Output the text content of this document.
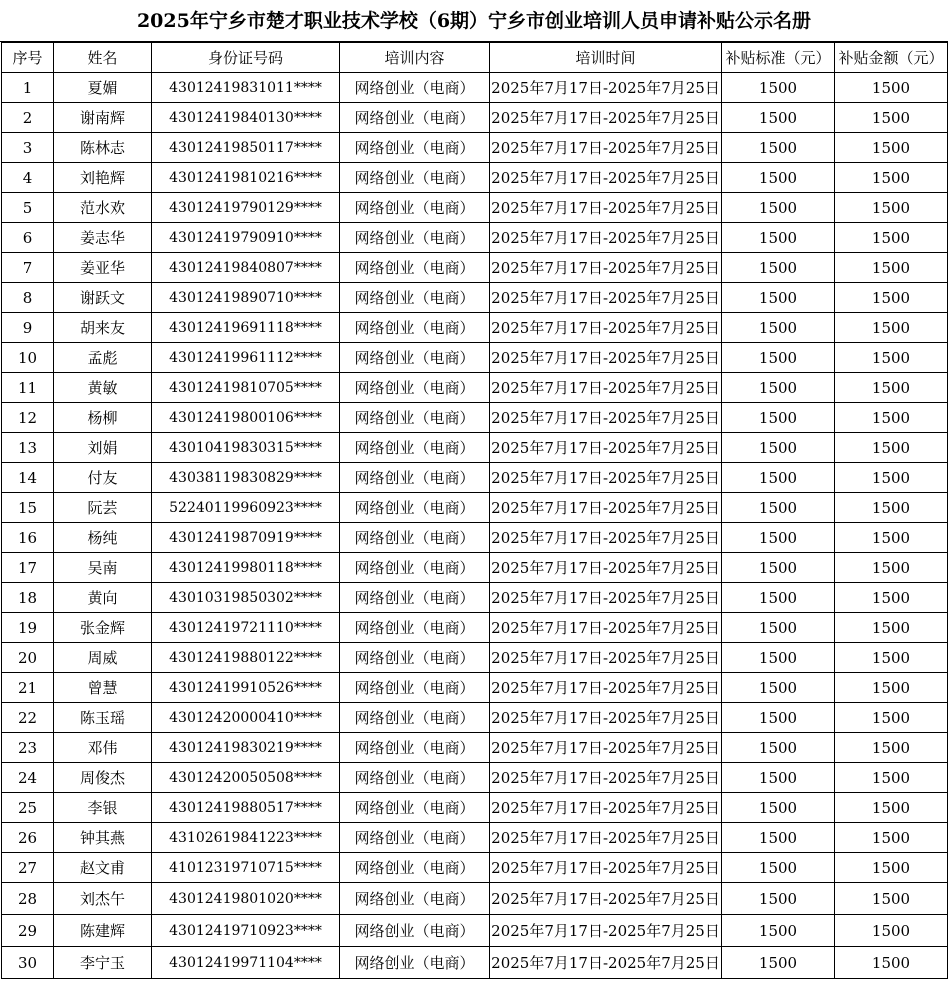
2025年宁乡市楚才职业技术学校（6期）宁乡市创业培训人员申请补贴公示名册
序号	姓名	身份证号码	培训内容	培训时间	补贴标准（元）	补贴金额（元）
1	夏媚	43012419831011****	网络创业（电商）	2025年7月17日-2025年7月25日	1500	1500
2	谢南辉	43012419840130****	网络创业（电商）	2025年7月17日-2025年7月25日	1500	1500
3	陈林志	43012419850117****	网络创业（电商）	2025年7月17日-2025年7月25日	1500	1500
4	刘艳辉	43012419810216****	网络创业（电商）	2025年7月17日-2025年7月25日	1500	1500
5	范水欢	43012419790129****	网络创业（电商）	2025年7月17日-2025年7月25日	1500	1500
6	姜志华	43012419790910****	网络创业（电商）	2025年7月17日-2025年7月25日	1500	1500
7	姜亚华	43012419840807****	网络创业（电商）	2025年7月17日-2025年7月25日	1500	1500
8	谢跃文	43012419890710****	网络创业（电商）	2025年7月17日-2025年7月25日	1500	1500
9	胡来友	43012419691118****	网络创业（电商）	2025年7月17日-2025年7月25日	1500	1500
10	孟彪	43012419961112****	网络创业（电商）	2025年7月17日-2025年7月25日	1500	1500
11	黄敏	43012419810705****	网络创业（电商）	2025年7月17日-2025年7月25日	1500	1500
12	杨柳	43012419800106****	网络创业（电商）	2025年7月17日-2025年7月25日	1500	1500
13	刘娟	43010419830315****	网络创业（电商）	2025年7月17日-2025年7月25日	1500	1500
14	付友	43038119830829****	网络创业（电商）	2025年7月17日-2025年7月25日	1500	1500
15	阮芸	52240119960923****	网络创业（电商）	2025年7月17日-2025年7月25日	1500	1500
16	杨纯	43012419870919****	网络创业（电商）	2025年7月17日-2025年7月25日	1500	1500
17	吴南	43012419980118****	网络创业（电商）	2025年7月17日-2025年7月25日	1500	1500
18	黄向	43010319850302****	网络创业（电商）	2025年7月17日-2025年7月25日	1500	1500
19	张金辉	43012419721110****	网络创业（电商）	2025年7月17日-2025年7月25日	1500	1500
20	周威	43012419880122****	网络创业（电商）	2025年7月17日-2025年7月25日	1500	1500
21	曾慧	43012419910526****	网络创业（电商）	2025年7月17日-2025年7月25日	1500	1500
22	陈玉瑶	43012420000410****	网络创业（电商）	2025年7月17日-2025年7月25日	1500	1500
23	邓伟	43012419830219****	网络创业（电商）	2025年7月17日-2025年7月25日	1500	1500
24	周俊杰	43012420050508****	网络创业（电商）	2025年7月17日-2025年7月25日	1500	1500
25	李银	43012419880517****	网络创业（电商）	2025年7月17日-2025年7月25日	1500	1500
26	钟其燕	43102619841223****	网络创业（电商）	2025年7月17日-2025年7月25日	1500	1500
27	赵文甫	41012319710715****	网络创业（电商）	2025年7月17日-2025年7月25日	1500	1500
28	刘杰午	43012419801020****	网络创业（电商）	2025年7月17日-2025年7月25日	1500	1500
29	陈建辉	43012419710923****	网络创业（电商）	2025年7月17日-2025年7月25日	1500	1500
30	李宁玉	43012419971104****	网络创业（电商）	2025年7月17日-2025年7月25日	1500	1500
